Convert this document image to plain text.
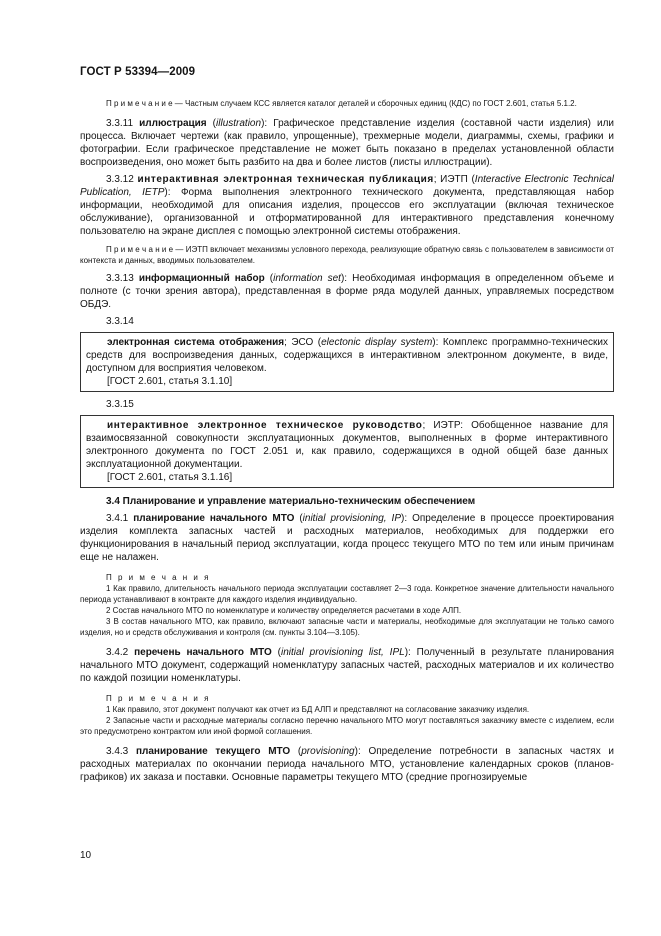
ГОСТ Р 53394—2009

П р и м е ч а н и е — Частным случаем КСС является каталог деталей и сборочных единиц (КДС) по ГОСТ 2.601, статья 5.1.2.

3.3.11 иллюстрация (illustration): Графическое представление изделия (составной части изделия) или процесса. Включает чертежи (как правило, упрощенные), трехмерные модели, диаграммы, схемы, графики и фотографии. Если графическое представление не может быть показано в пределах установленной области воспроизведения, оно может быть разбито на два и более листов (листы иллюстрации).

3.3.12 интерактивная электронная техническая публикация; ИЭТП (Interactive Electronic Technical Publication, IETP): Форма выполнения электронного технического документа, представляющая набор информации, необходимой для описания изделия, процессов его эксплуатации (включая техническое обслуживание), организованной и отформатированной для интерактивного представления конечному пользователю на экране дисплея с помощью электронной системы отображения.

П р и м е ч а н и е — ИЭТП включает механизмы условного перехода, реализующие обратную связь с пользователем в зависимости от контекста и данных, вводимых пользователем.

3.3.13 информационный набор (information set): Необходимая информация в определенном объеме и полноте (с точки зрения автора), представленная в форме ряда модулей данных, управляемых посредством ОБДЭ.

3.3.14

электронная система отображения; ЭСО (electonic display system): Комплекс программно-технических средств для воспроизведения данных, содержащихся в интерактивном электронном документе, в виде, доступном для восприятия человеком.

[ГОСТ 2.601, статья 3.1.10]

3.3.15

интерактивное электронное техническое руководство; ИЭТР: Обобщенное название для взаимосвязанной совокупности эксплуатационных документов, выполненных в форме интерактивного электронного документа по ГОСТ 2.051 и, как правило, содержащихся в одной общей базе данных эксплуатационной документации.

[ГОСТ 2.601, статья 3.1.16]

3.4 Планирование и управление материально-техническим обеспечением

3.4.1 планирование начального МТО (initial provisioning, IP): Определение в процессе проектирования изделия комплекта запасных частей и расходных материалов, необходимых для поддержки его функционирования в начальный период эксплуатации, когда процесс текущего МТО по тем или иным причинам еще не налажен.

П р и м е ч а н и я

1 Как правило, длительность начального периода эксплуатации составляет 2—3 года. Конкретное значение длительности начального периода устанавливают в контракте для каждого изделия индивидуально.

2 Состав начального МТО по номенклатуре и количеству определяется расчетами в ходе АЛП.

3 В состав начального МТО, как правило, включают запасные части и материалы, необходимые для эксплуатации не только самого изделия, но и средств обслуживания и контроля (см. пункты 3.104—3.105).

3.4.2 перечень начального МТО (initial provisioning list, IPL): Полученный в результате планирования начального МТО документ, содержащий номенклатуру запасных частей, расходных материалов и их количество по каждой позиции номенклатуры.

П р и м е ч а н и я

1 Как правило, этот документ получают как отчет из БД АЛП и представляют на согласование заказчику изделия.

2 Запасные части и расходные материалы согласно перечню начального МТО могут поставляться заказчику вместе с изделием, если это предусмотрено контрактом или иной формой соглашения.

3.4.3 планирование текущего МТО (provisioning): Определение потребности в запасных частях и расходных материалах по окончании периода начального МТО, установление календарных сроков (планов-графиков) их заказа и поставки. Основные параметры текущего МТО (средние прогнозируемые

10
